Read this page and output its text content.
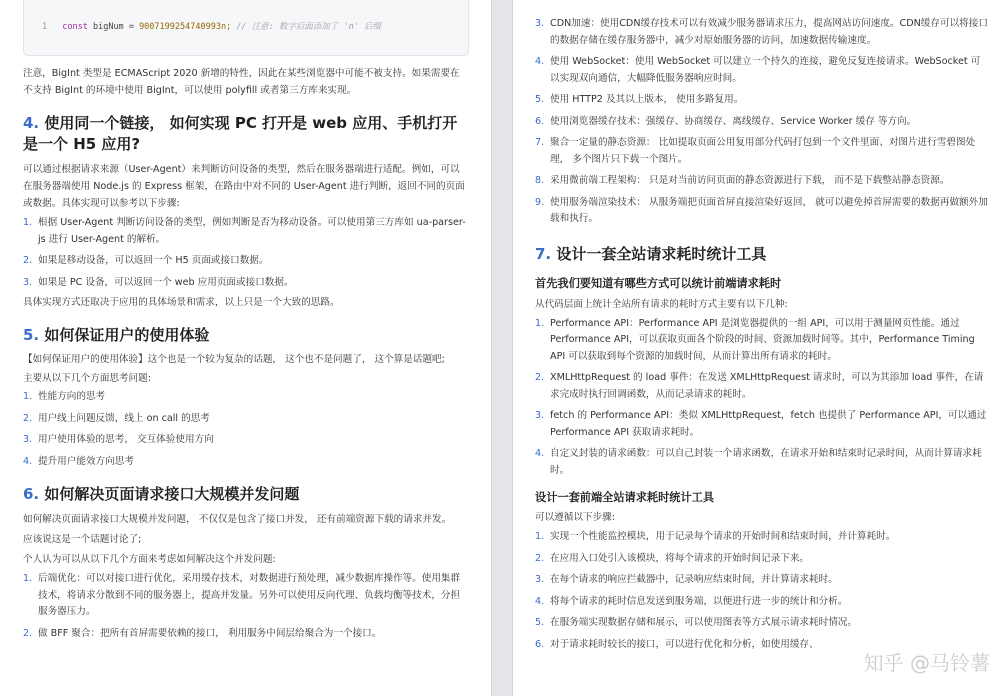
1 const bigNum = 9007199254740993n; // 注意: 数字后面添加了 'n' 后缀

注意，BigInt 类型是 ECMAScript 2020 新增的特性，因此在某些浏览器中可能不被支持。如果需要在不支持 BigInt 的环境中使用 BigInt，可以使用 polyfill 或者第三方库来实现。

4. 使用同一个链接， 如何实现 PC 打开是 web 应用、手机打开是一个 H5 应用?

可以通过根据请求来源（User-Agent）来判断访问设备的类型，然后在服务器端进行适配。例如，可以在服务器端使用 Node.js 的 Express 框架，在路由中对不同的 User-Agent 进行判断，返回不同的页面或数据。具体实现可以参考以下步骤:

1. 根据 User-Agent 判断访问设备的类型，例如判断是否为移动设备。可以使用第三方库如 ua-parser-js 进行 User-Agent 的解析。
2. 如果是移动设备，可以返回一个 H5 页面或接口数据。
3. 如果是 PC 设备，可以返回一个 web 应用页面或接口数据。

具体实现方式还取决于应用的具体场景和需求，以上只是一个大致的思路。

5. 如何保证用户的使用体验

【如何保证用户的使用体验】这个也是一个较为复杂的话题， 这个也不是问题了， 这个算是话题吧;

主要从以下几个方面思考问题:

1. 性能方向的思考
2. 用户线上问题反馈，线上 on call 的思考
3. 用户使用体验的思考， 交互体验使用方向
4. 提升用户能效方向思考
6. 如何解决页面请求接口大规模并发问题

如何解决页面请求接口大规模并发问题， 不仅仅是包含了接口并发， 还有前端资源下载的请求并发。

应该说这是一个话题讨论了;

个人认为可以从以下几个方面来考虑如何解决这个并发问题:

1. 后端优化：可以对接口进行优化，采用缓存技术，对数据进行预处理，减少数据库操作等。使用集群技术，将请求分散到不同的服务器上，提高并发量。另外可以使用反向代理、负载均衡等技术，分担服务器压力。
2. 做 BFF 聚合：把所有首屏需要依赖的接口， 利用服务中间层给聚合为一个接口。
3. CDN加速：使用CDN缓存技术可以有效减少服务器请求压力，提高网站访问速度。CDN缓存可以将接口的数据存储在缓存服务器中，减少对原始服务器的访问，加速数据传输速度。
4. 使用 WebSocket：使用 WebSocket 可以建立一个持久的连接，避免反复连接请求。WebSocket 可以实现双向通信，大幅降低服务器响应时间。
5. 使用 HTTP2 及其以上版本， 使用多路复用。
6. 使用浏览器缓存技术：强缓存、协商缓存、离线缓存、Service Worker 缓存 等方向。
7. 聚合一定量的静态资源： 比如提取页面公用复用部分代码打包到一个文件里面、对图片进行雪碧图处理， 多个图片只下载一个图片。
8. 采用微前端工程架构： 只是对当前访问页面的静态资源进行下载， 而不是下载整站静态资源。
9. 使用服务端渲染技术： 从服务端把页面首屏直接渲染好返回， 就可以避免掉首屏需要的数据再做额外加载和执行。
7. 设计一套全站请求耗时统计工具
首先我们要知道有哪些方式可以统计前端请求耗时

从代码层面上统计全站所有请求的耗时方式主要有以下几种:

1. Performance API：Performance API 是浏览器提供的一组 API，可以用于测量网页性能。通过 Performance API，可以获取页面各个阶段的时间、资源加载时间等。其中，Performance Timing API 可以获取到每个资源的加载时间，从而计算出所有请求的耗时。
2. XMLHttpRequest 的 load 事件：在发送 XMLHttpRequest 请求时，可以为其添加 load 事件，在请求完成时执行回调函数，从而记录请求的耗时。
3. fetch 的 Performance API：类似 XMLHttpRequest，fetch 也提供了 Performance API，可以通过 Performance API 获取请求耗时。
4. 自定义封装的请求函数：可以自己封装一个请求函数，在请求开始和结束时记录时间，从而计算请求耗时。
设计一套前端全站请求耗时统计工具

可以遵循以下步骤:

1. 实现一个性能监控模块，用于记录每个请求的开始时间和结束时间，并计算耗时。
2. 在应用入口处引入该模块，将每个请求的开始时间记录下来。
3. 在每个请求的响应拦截器中，记录响应结束时间，并计算请求耗时。
4. 将每个请求的耗时信息发送到服务端，以便进行进一步的统计和分析。
5. 在服务端实现数据存储和展示，可以使用图表等方式展示请求耗时情况。
6. 对于请求耗时较长的接口，可以进行优化和分析，如使用缓存、
知乎 @马铃薯
